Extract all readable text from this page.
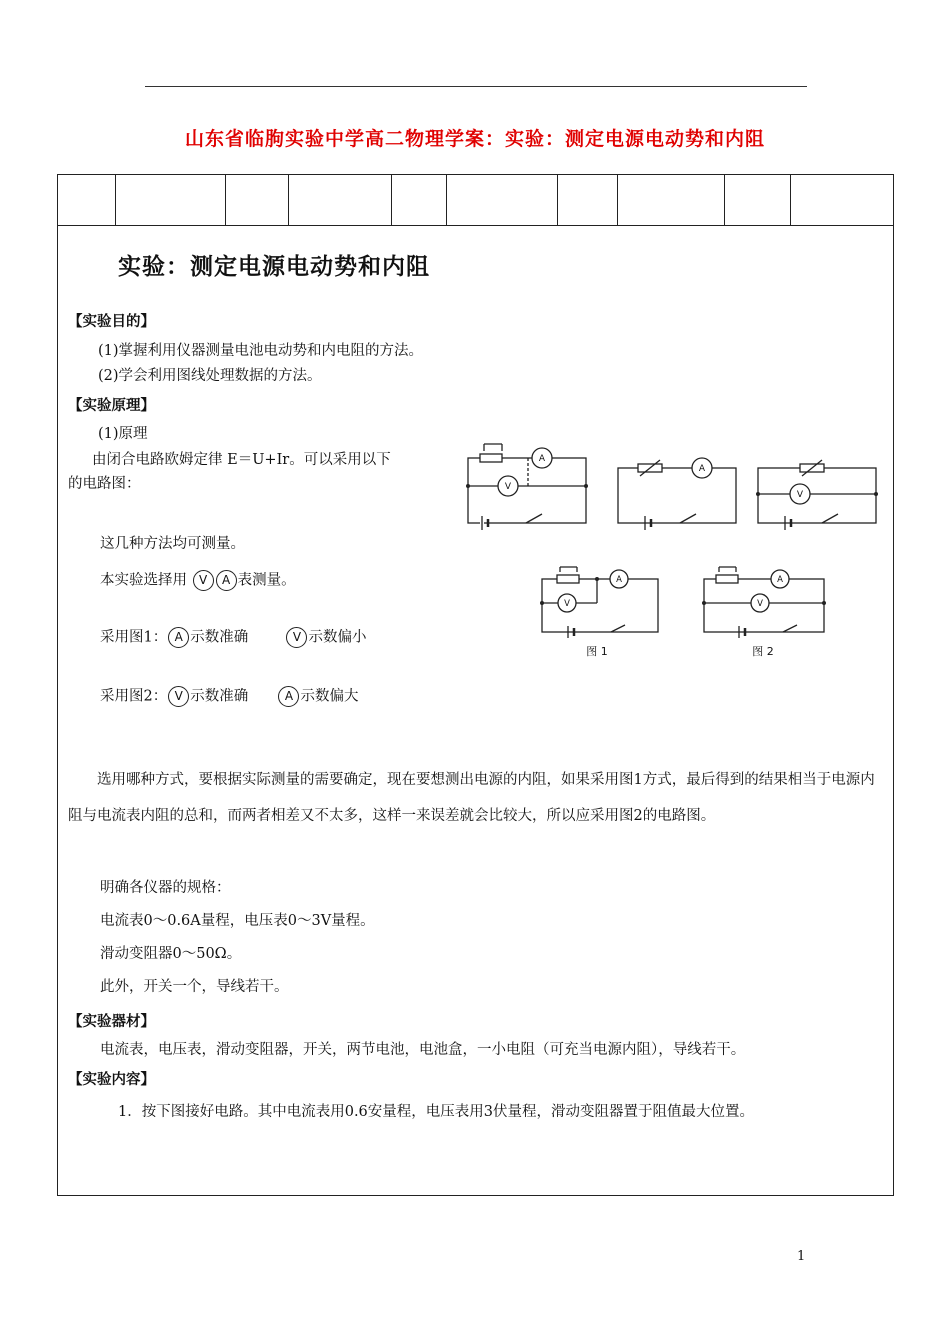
山东省临朐实验中学高二物理学案：实验：测定电源电动势和内阻
实验：测定电源电动势和内阻
【实验目的】
(1)掌握利用仪器测量电池电动势和内电阻的方法。
(2)学会利用图线处理数据的方法。
【实验原理】
(1)原理
由闭合电路欧姆定律 E＝U+Ir。可以采用以下
的电路图：
A
V
A
V
这几种方法均可测量。
本实验选择用 V A 表测量。
采用图1： A 示数准确	V 示数偏小
采用图2： V 示数准确	A 示数偏大
A
V
A
V
图 1	图 2
选用哪种方式，要根据实际测量的需要确定，现在要想测出电源的内阻，如果采用图1方式，最后得到的结果相当于电源内阻与电流表内阻的总和，而两者相差又不太多，这样一来误差就会比较大，所以应采用图2的电路图。
明确各仪器的规格：
电流表0～0.6A量程，电压表0～3V量程。
滑动变阻器0～50Ω。
此外，开关一个，导线若干。
【实验器材】
电流表，电压表，滑动变阻器，开关，两节电池，电池盒，一小电阻（可充当电源内阻），导线若干。
【实验内容】
1．按下图接好电路。其中电流表用0.6安量程，电压表用3伏量程，滑动变阻器置于阻值最大位置。
1
